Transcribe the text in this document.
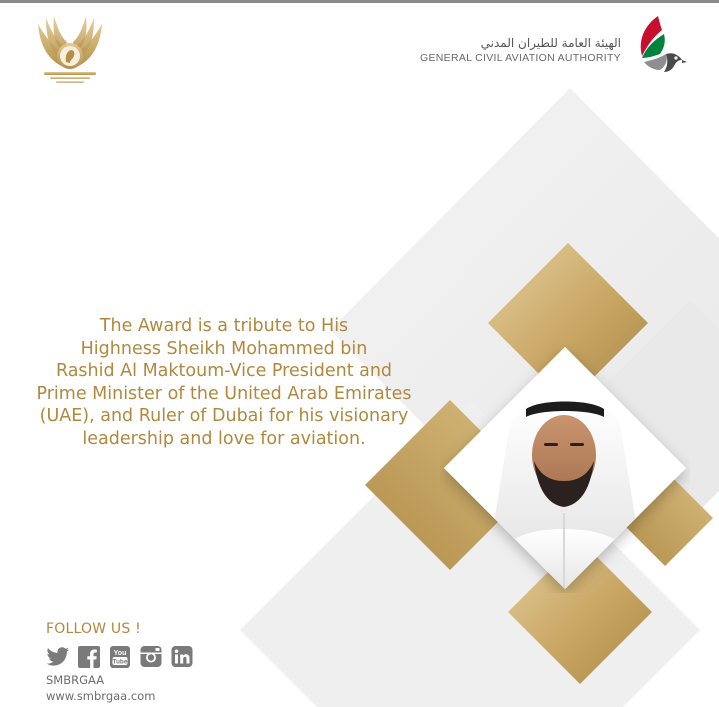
الهيئة العامة للطيران المدني
GENERAL CIVIL AVIATION AUTHORITY
The Award is a tribute to His
Highness Sheikh Mohammed bin
Rashid Al Maktoum-Vice President and
Prime Minister of the United Arab Emirates
(UAE), and Ruler of Dubai for his visionary
leadership and love for aviation.
FOLLOW US !
You
Tube
SMBRGAA
www.smbrgaa.com
